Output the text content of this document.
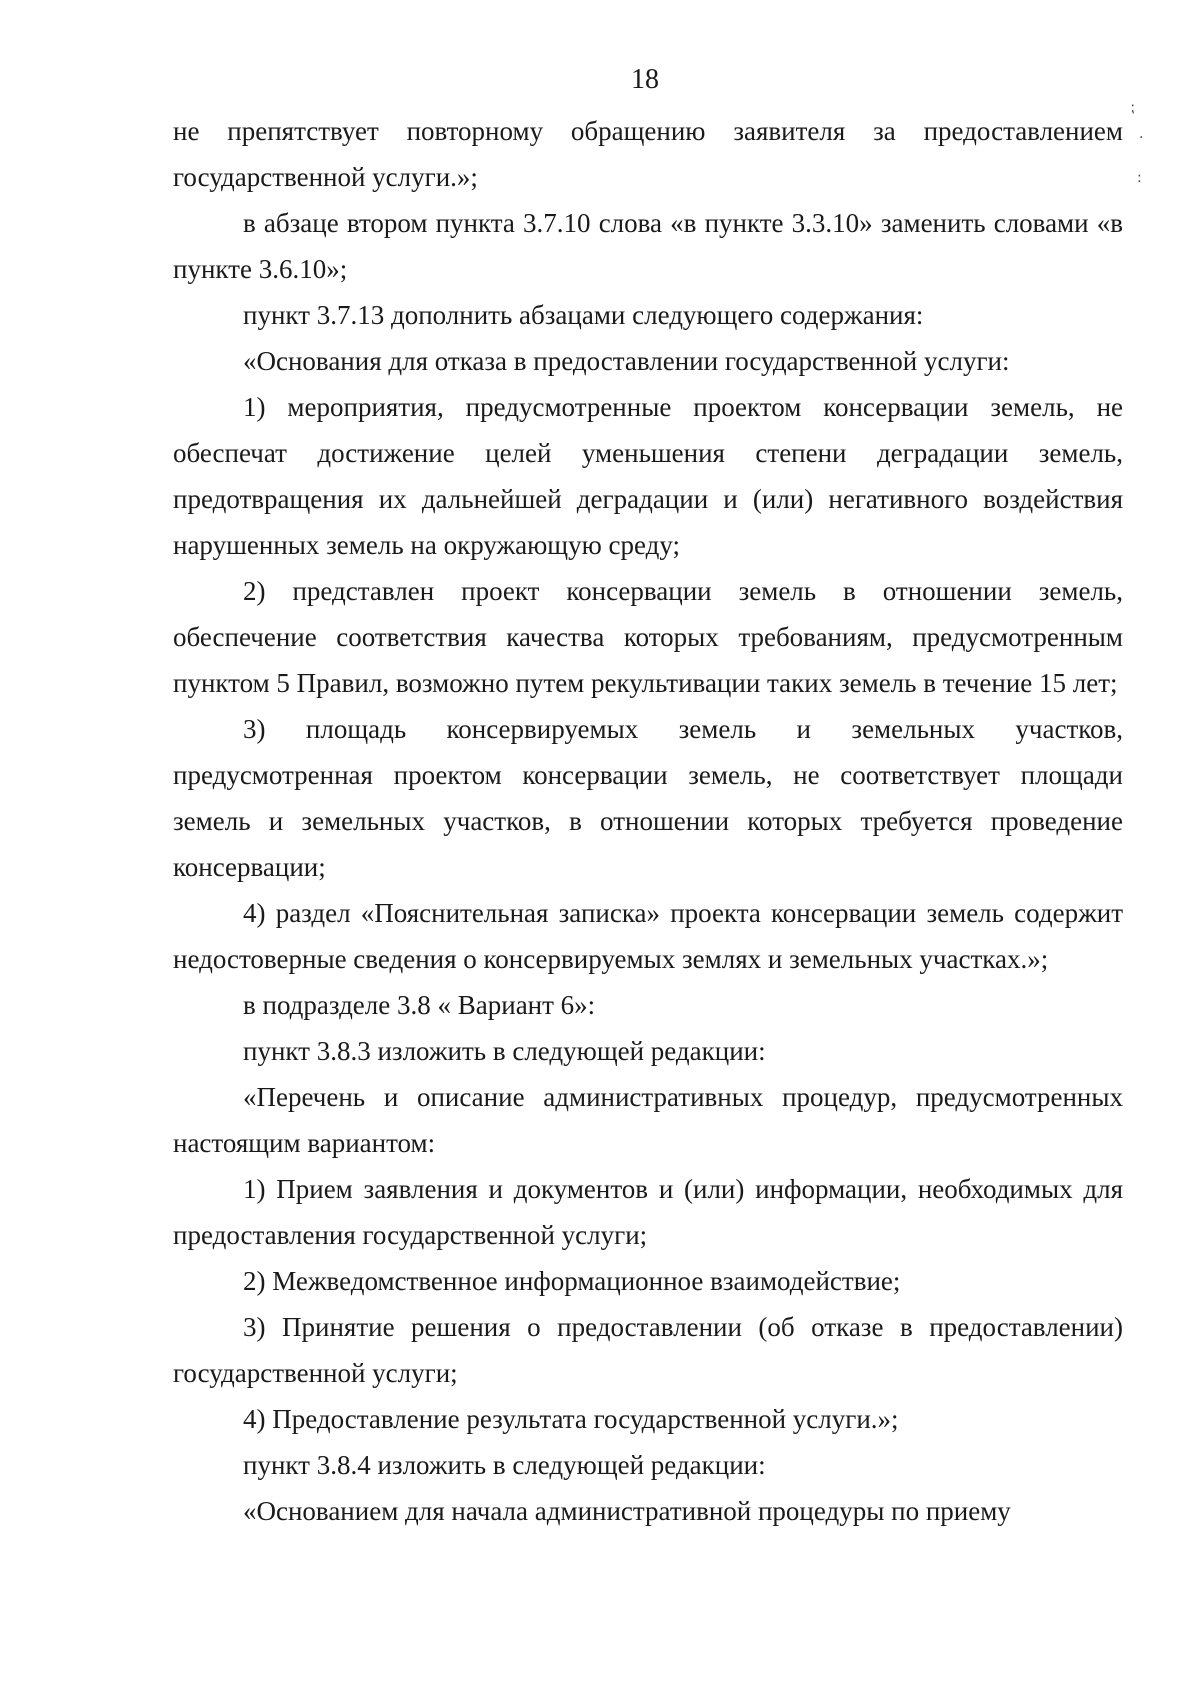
18
⁏
·
꞉

не препятствует повторному обращению заявителя за предоставлением государственной услуги.»;

в абзаце втором пункта 3.7.10 слова «в пункте 3.3.10» заменить словами «в пункте 3.6.10»;

пункт 3.7.13 дополнить абзацами следующего содержания:

«Основания для отказа в предоставлении государственной услуги:

1) мероприятия, предусмотренные проектом консервации земель, не обеспечат достижение целей уменьшения степени деградации земель, предотвращения их дальнейшей деградации и (или) негативного воздействия нарушенных земель на окружающую среду;

2) представлен проект консервации земель в отношении земель, обеспечение соответствия качества которых требованиям, предусмотренным пунктом 5 Правил, возможно путем рекультивации таких земель в течение 15 лет;

3) площадь консервируемых земель и земельных участков, предусмотренная проектом консервации земель, не соответствует площади земель и земельных участков, в отношении которых требуется проведение консервации;

4) раздел «Пояснительная записка» проекта консервации земель содержит недостоверные сведения о консервируемых землях и земельных участках.»;

в подразделе 3.8 « Вариант 6»:

пункт 3.8.3 изложить в следующей редакции:

«Перечень и описание административных процедур, предусмотренных настоящим вариантом:

1) Прием заявления и документов и (или) информации, необходимых для предоставления государственной услуги;

2) Межведомственное информационное взаимодействие;

3) Принятие решения о предоставлении (об отказе в предоставлении) государственной услуги;

4) Предоставление результата государственной услуги.»;

пункт 3.8.4 изложить в следующей редакции:

«Основанием для начала административной процедуры по приему
